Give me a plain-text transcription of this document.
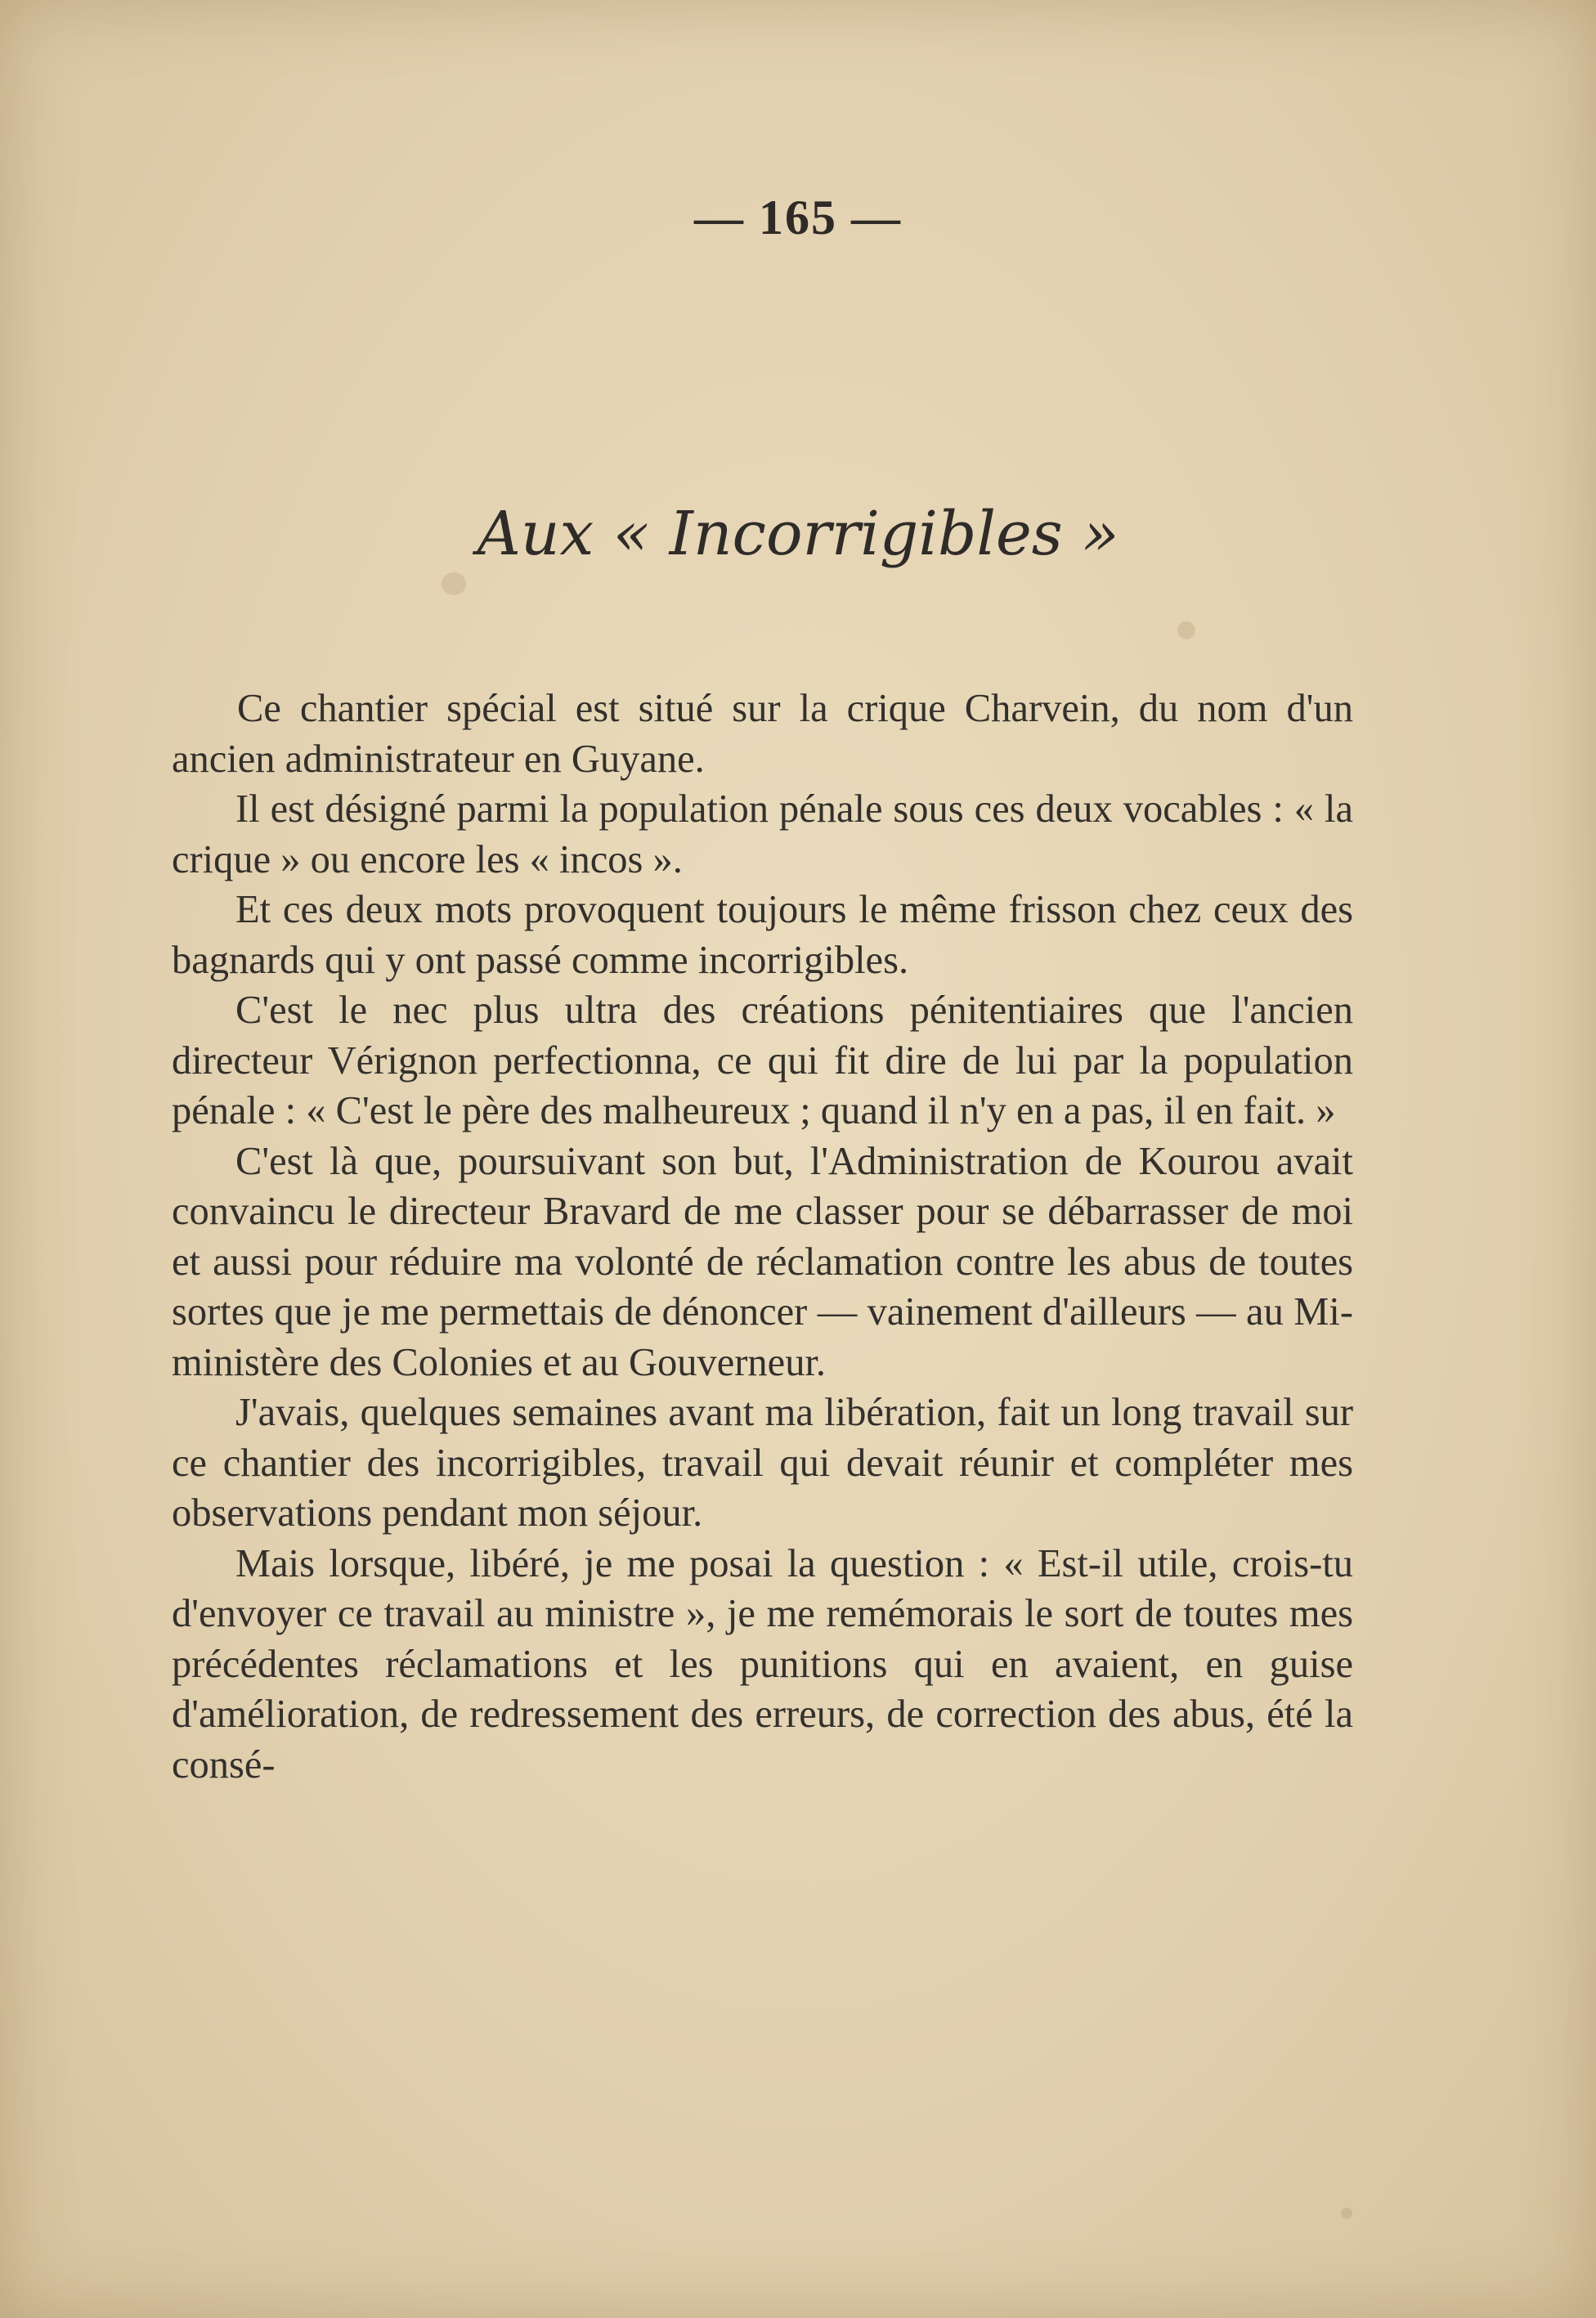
— 165 —
Aux « Incorrigibles »

Ce chantier spécial est situé sur la crique Charvein, du nom d'un ancien administrateur en Guyane.

Il est désigné parmi la population pénale sous ces deux vocables : « la crique » ou encore les « incos ».

Et ces deux mots provoquent toujours le même frisson chez ceux des bagnards qui y ont passé comme incorrigibles.

C'est le nec plus ultra des créations pénitentiaires que l'ancien directeur Vérignon perfectionna, ce qui fit dire de lui par la population pénale : « C'est le père des malheureux ; quand il n'y en a pas, il en fait. »

C'est là que, poursuivant son but, l'Administration de Kourou avait convaincu le directeur Bravard de me classer pour se débarrasser de moi et aussi pour réduire ma volonté de réclamation contre les abus de toutes sortes que je me permettais de dénoncer — vainement d'ailleurs — au Miministère des Colonies et au Gouverneur.

J'avais, quelques semaines avant ma libération, fait un long travail sur ce chantier des incorrigibles, travail qui devait réunir et compléter mes observations pendant mon séjour.

Mais lorsque, libéré, je me posai la question : « Est-il utile, crois-tu d'envoyer ce travail au ministre », je me remémorais le sort de toutes mes précédentes réclamations et les punitions qui en avaient, en guise d'amélioration, de redressement des erreurs, de correction des abus, été la consé-
